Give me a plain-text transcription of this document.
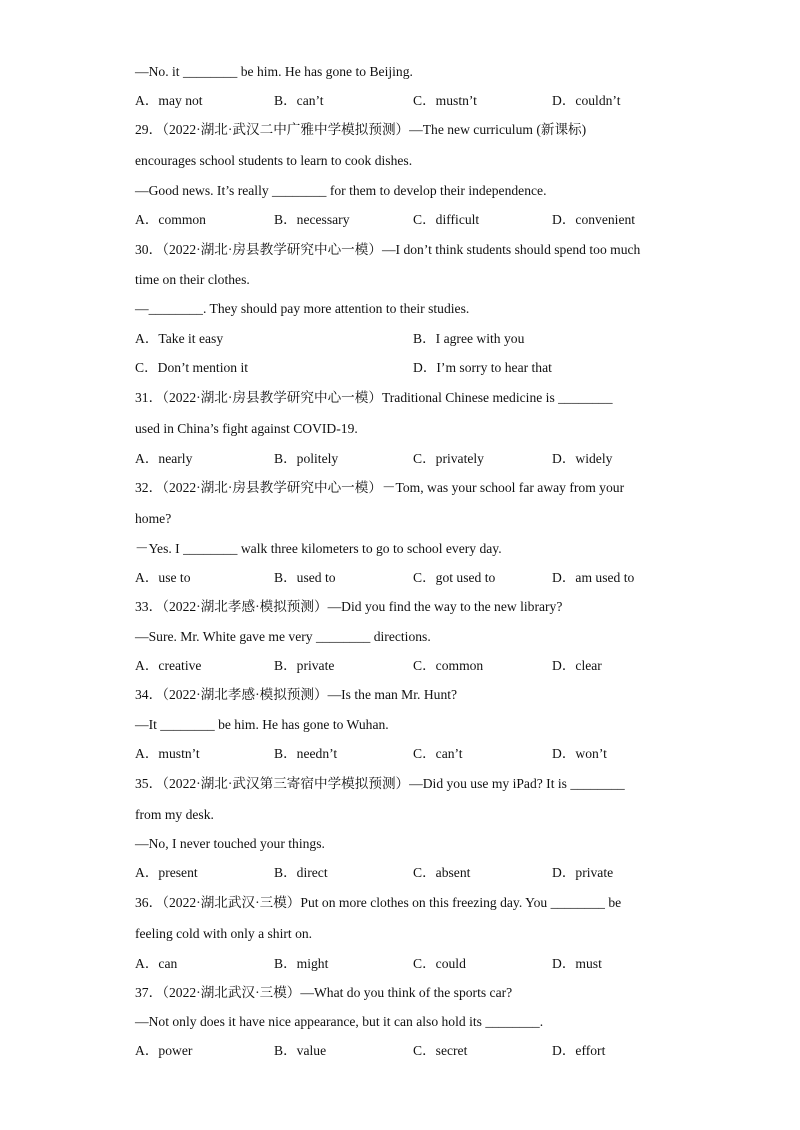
—No. it ________ be him. He has gone to Beijing.
A．may not	B．can’t	C．mustn’t	D．couldn’t
29．（2022·湖北·武汉二中广雅中学模拟预测）—The new curriculum (新课标)
encourages school students to learn to cook dishes.
—Good news. It’s really ________ for them to develop their independence.
A．common	B．necessary	C．difficult	D．convenient
30．（2022·湖北·房县教学研究中心一模）—I don’t think students should spend too much
time on their clothes.
—________. They should pay more attention to their studies.
A．Take it easy	B．I agree with you
C．Don’t mention it	D．I’m sorry to hear that
31．（2022·湖北·房县教学研究中心一模）Traditional Chinese medicine is ________
used in China’s fight against COVID-19.
A．nearly	B．politely	C．privately	D．widely
32．（2022·湖北·房县教学研究中心一模）－Tom, was your school far away from your
home?
－Yes. I ________ walk three kilometers to go to school every day.
A．use to	B．used to	C．got used to	D．am used to
33．（2022·湖北孝感·模拟预测）—Did you find the way to the new library?
—Sure. Mr. White gave me very ________ directions.
A．creative	B．private	C．common	D．clear
34．（2022·湖北孝感·模拟预测）—Is the man Mr. Hunt?
—It ________ be him. He has gone to Wuhan.
A．mustn’t	B．needn’t	C．can’t	D．won’t
35．（2022·湖北·武汉第三寄宿中学模拟预测）—Did you use my iPad? It is ________
from my desk.
—No, I never touched your things.
A．present	B．direct	C．absent	D．private
36．（2022·湖北武汉·三模）Put on more clothes on this freezing day. You ________ be
feeling cold with only a shirt on.
A．can	B．might	C．could	D．must
37．（2022·湖北武汉·三模）—What do you think of the sports car?
—Not only does it have nice appearance, but it can also hold its ________.
A．power	B．value	C．secret	D．effort
